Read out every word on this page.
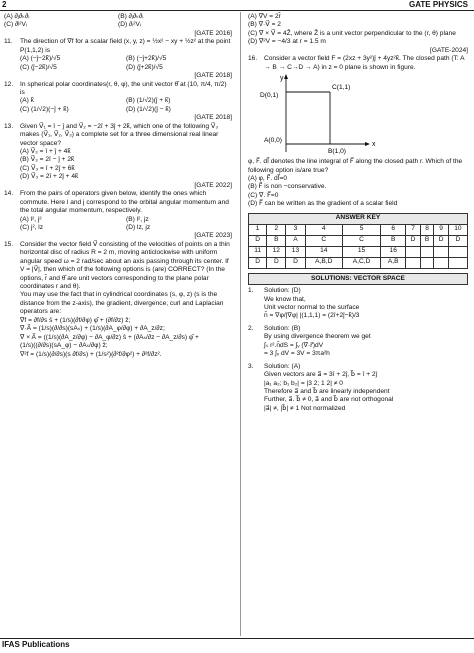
2	GATE PHYSICS
(A) ∂ⱼ∂ₖ∂ᵢ	(B) ∂ⱼ∂ₖ∂ᵢ
(C) ∂ʲ²Vᵢ	(D) ∂ᵢ²Vᵢ
[GATE 2016]
11.	The direction of ∇⃗f for a scalar field (x, y, z) = ½x² − xy + ½z² at the point P(1,1,2) is
(A) (−ĵ−2k̂)/√5	(B) (−ĵ+2k̂)/√5
(C) (ĵ−2k̂)/√5	(D) (ĵ+2k̂)/√5
[GATE 2018]
12.	In spherical polar coordinates(r, θ, φ), the unit vector θ̂ at (10, π/4, π/2) is
(A) k̂	(B) (1/√2)(ĵ + k̂)
(C) (1/√2)(−ĵ + k̂)	(D) (1/√2)(ĵ − k̂)
[GATE 2018]
13.	Given V⃗₁ = î − ĵ and V⃗₂ = −2î + 3ĵ + 2k̂, which one of the following V⃗₃ makes (V⃗₁, V⃗₂, V⃗₃) a complete set for a three dimensional real linear vector space?
(A) V⃗₃ = î + ĵ + 4k̂
(B) V⃗₃ = 2î − ĵ + 2k̂
(C) V⃗₃ = î + 2ĵ + 6k̂
(D) V⃗₃ = 2î + 2ĵ + 4k̂
[GATE 2022]
14.	From the pairs of operators given below, identify the ones which commute. Here l and j correspond to the orbital angular momentum and the total angular momentum, respectively.
(A) l², j²	(B) l², jz
(C) j², lz	(D) lz, jz
[GATE 2023]
15.	Consider the vector field V⃗ consisting of the velocities of points on a thin horizontal disc of radius R = 2 m, moving anticlockwise with uniform angular speed ω = 2 rad/sec about an axis passing through its center. If V = |V⃗|, then which of the following options is (are) CORRECT? (In the options, r̂ and θ̂ are unit vectors corresponding to the plane polar coordinates r and θ).
You may use the fact that in cylindrical coordinates (s, φ, z) (s is the distance from the z-axis), the gradient, divergence, curl and Laplacian operators are:
∇⃗f = ∂f/∂s ŝ + (1/s)(∂f/∂φ) φ̂ + (∂f/∂z) ẑ;
∇⃗·A⃗ = (1/s)(∂/∂s)(sAₛ) + (1/s)(∂A_φ/∂φ) + ∂A_z/∂z;
∇⃗ × A⃗ = ((1/s)(∂A_z/∂φ) − ∂A_φ/∂z) ŝ + (∂Aₛ/∂z − ∂A_z/∂s) φ̂ +
(1/s)((∂/∂s)(sA_φ) − ∂Aₛ/∂φ) ẑ;
∇²f = (1/s)(∂/∂s)(s ∂f/∂s) + (1/s²)(∂²f/∂φ²) + ∂²f/∂z².
(A) ∇⃗V = 2r̂
(B) ∇⃗·V⃗ = 2
(C) ∇⃗ × V⃗ = 4Ẑ, where Ẑ is a unit vector perpendicular to the (r, θ) plane
(D) ∇⃗²V = −4/3 at r = 1.5 m
[GATE-2024]
16.	Consider a vector field F = (2xz + 3y²)ĵ + 4yz²k̂. The closed path (T: A → B → C→D → A) in z = 0 plane is shown in figure.
y
x
D(0,1)
C(1,1)
A(0,0)
B(1,0)
φ, F⃗. dl⃗ denotes the line integral of F⃗ along the closed path r. Which of the following option is/are true?
(A) φ, F⃗. dl⃗=0
(B) F⃗ is non −conservative.
(C) ∇⃗. F⃗=0
(D) F⃗ can be written as the gradient of a scalar field
ANSWER KEY									
1	2	3	4	5	6	7	8	9	10
D	B	A	C	C	B	D	B	D	D
11	12	13	14	15	16				
D	D	D	A,B,D	A,C,D	A,B				
SOLUTIONS: VECTOR SPACE
1.	Solution: (D)
We know that,
Unit vector normal to the surface
n̂ = ∇φ/|∇φ| |(1,1,1) = (2î+2ĵ−k̂)/3
2.	Solution: (B)
By using divergence theorem we get
∫ₛ r².n̂dS = ∫ᵥ (∇⃗·r⃗)dV
= 3 ∫ᵥ dV = 3V = 3πa²h
3.	Solution: (A)
Given vectors are a⃗ = 3î + 2ĵ, b⃗ = î + 2ĵ
|a₁ a₂; b₁ b₂| = |3 2; 1 2| ≠ 0
Therefore a⃗ and b⃗ are linearly independent
Further, a⃗. b⃗ ≠ 0, a⃗ and b⃗ are not orthogonal
|a⃗| ≠, |b⃗| ≠ 1 Not normalized
IFAS Publications
